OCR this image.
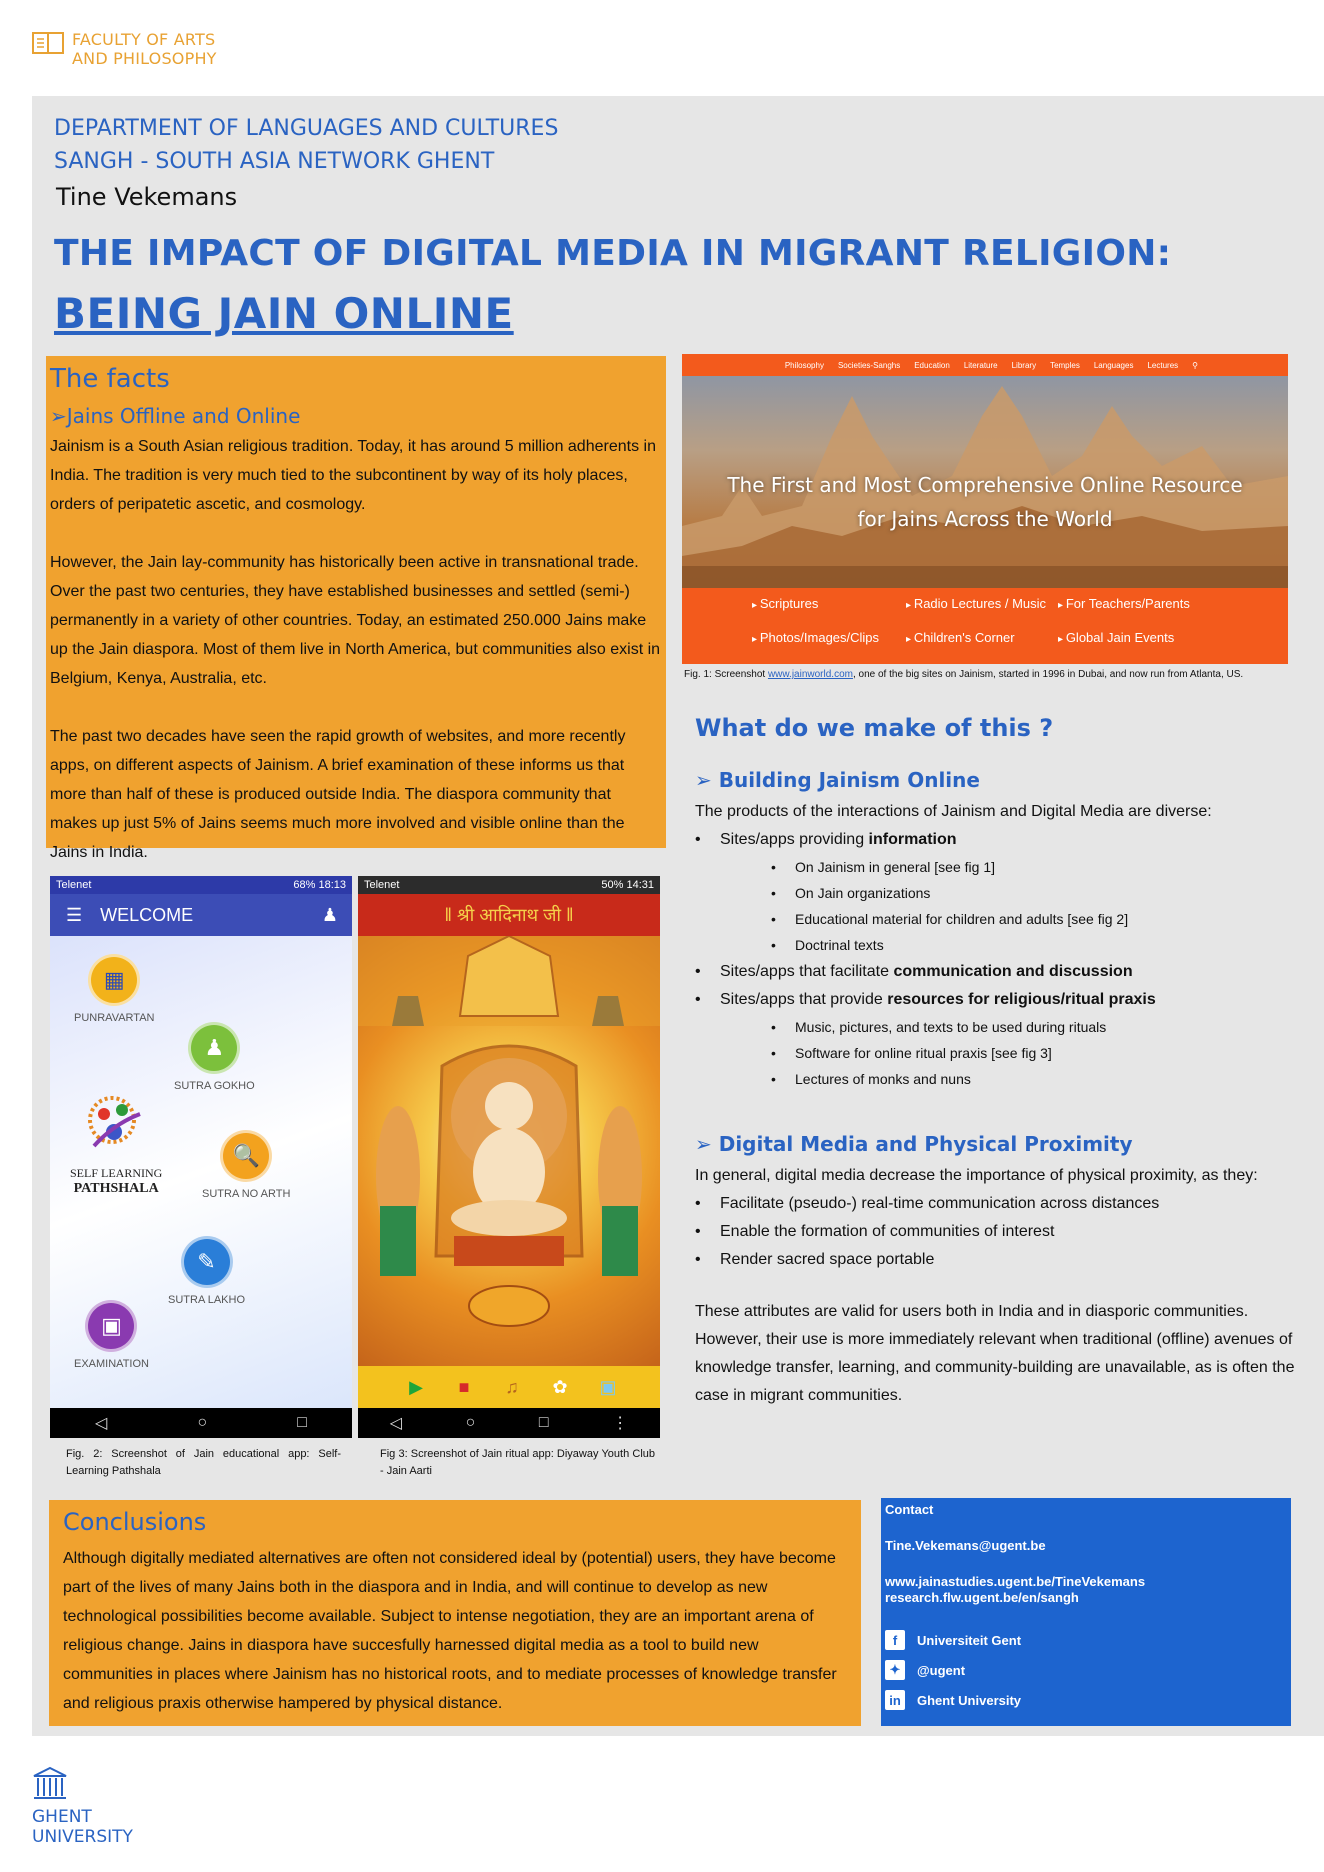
FACULTY OF ARTS
AND PHILOSOPHY
DEPARTMENT OF LANGUAGES AND CULTURES
SANGH - SOUTH ASIA NETWORK GHENT
Tine Vekemans
THE IMPACT OF DIGITAL MEDIA IN MIGRANT RELIGION:
BEING JAIN ONLINE
The facts
➢Jains Offline and Online

Jainism is a South Asian religious tradition. Today, it has around 5 million adherents in India. The tradition is very much tied to the subcontinent by way of its holy places, orders of peripatetic ascetic, and cosmology.

However, the Jain lay-community has historically been active in transnational trade. Over the past two centuries, they have established businesses and settled (semi-) permanently in a variety of other countries. Today, an estimated 250.000 Jains make up the Jain diaspora. Most of them live in North America, but communities also exist in Belgium, Kenya, Australia, etc.

The past two decades have seen the rapid growth of websites, and more recently apps, on different aspects of Jainism. A brief examination of these informs us that more than half of these is produced outside India. The diaspora community that makes up just 5% of Jains seems much more involved and visible online than the Jains in India.

Philosophy Societies-Sanghs Education Literature Library Temples Languages Lectures ⚲
The First and Most Comprehensive Online Resource
for Jains Across the World
▸ Scriptures	▸ Radio Lectures / Music	▸ For Teachers/Parents
▸ Photos/Images/Clips	▸ Children's Corner	▸ Global Jain Events
Fig. 1: Screenshot www.jainworld.com, one of the big sites on Jainism, started in 1996 in Dubai, and now run from Atlanta, US.
What do we make of this ?
➢ Building Jainism Online

The products of the interactions of Jainism and Digital Media are diverse:

• Sites/apps providing information
• On Jainism in general [see fig 1]
• On Jain organizations
• Educational material for children and adults [see fig 2]
• Doctrinal texts
• Sites/apps that facilitate communication and discussion
• Sites/apps that provide resources for religious/ritual praxis
• Music, pictures, and texts to be used during rituals
• Software for online ritual praxis [see fig 3]
• Lectures of monks and nuns
➢ Digital Media and Physical Proximity

In general, digital media decrease the importance of physical proximity, as they:

• Facilitate (pseudo-) real-time communication across distances
• Enable the formation of communities of interest
• Render sacred space portable

These attributes are valid for users both in India and in diasporic communities. However, their use is more immediately relevant when traditional (offline) avenues of knowledge transfer, learning, and community-building are unavailable, as is often the case in migrant communities.

Telenet	68% 18:13
☰ WELCOME	♟
▦
PUNRAVARTAN
♟
SUTRA GOKHO
SELF LEARNING
PATHSHALA
🔍
SUTRA NO ARTH
✎
SUTRA LAKHO
▣
EXAMINATION
◁	○	□
Telenet	50% 14:31
‖ श्री आदिनाथ जी ‖
▶	■	♫	✿	▣
◁	○	□	⋮
Fig. 2: Screenshot of Jain educational app: Self-Learning Pathshala
Fig 3: Screenshot of Jain ritual app: Diyaway Youth Club - Jain Aarti
Conclusions

Although digitally mediated alternatives are often not considered ideal by (potential) users, they have become part of the lives of many Jains both in the diaspora and in India, and will continue to develop as new technological possibilities become available. Subject to intense negotiation, they are an important arena of religious change. Jains in diaspora have succesfully harnessed digital media as a tool to build new communities in places where Jainism has no historical roots, and to mediate processes of knowledge transfer and religious praxis otherwise hampered by physical distance.

Contact
Tine.Vekemans@ugent.be
www.jainastudies.ugent.be/TineVekemans
research.flw.ugent.be/en/sangh
f	Universiteit Gent
✦	@ugent
in	Ghent University
GHENT
UNIVERSITY
